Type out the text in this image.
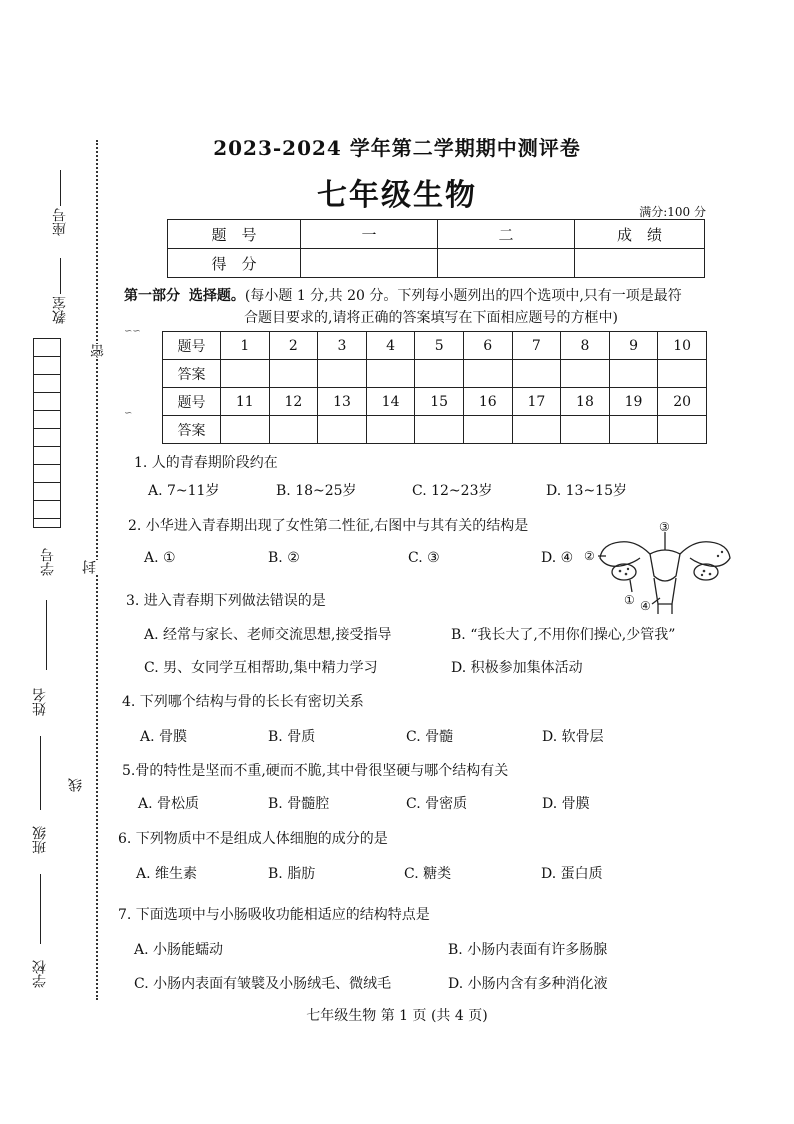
座号
教室
学号
姓名
班级
学校
密
封
线
2023-2024 学年第二学期期中测评卷
七年级生物	满分:100 分
题　号	一	二	成　绩
得　分			
第一部分 选择题。(每小题 1 分,共 20 分。下列每小题列出的四个选项中,只有一项是最符
合题目要求的,请将正确的答案填写在下面相应题号的方框中)
∽∽
∽
题号	1	2	3	4	5	6	7	8	9	10
答案										
题号	11	12	13	14	15	16	17	18	19	20
答案										
1. 人的青春期阶段约在
A. 7~11岁	B. 18~25岁	C. 12~23岁	D. 13~15岁
2. 小华进入青春期出现了女性第二性征,右图中与其有关的结构是
A. ①	B. ②	C. ③	D. ④
③
②
① ④
3. 进入青春期下列做法错误的是
A. 经常与家长、老师交流思想,接受指导	B. “我长大了,不用你们操心,少管我”
C. 男、女同学互相帮助,集中精力学习	D. 积极参加集体活动
4. 下列哪个结构与骨的长长有密切关系
A. 骨膜	B. 骨质	C. 骨髓	D. 软骨层
5.骨的特性是坚而不重,硬而不脆,其中骨很坚硬与哪个结构有关
A. 骨松质	B. 骨髓腔	C. 骨密质	D. 骨膜
6. 下列物质中不是组成人体细胞的成分的是
A. 维生素	B. 脂肪	C. 糖类	D. 蛋白质
7. 下面选项中与小肠吸收功能相适应的结构特点是
A. 小肠能蠕动	B. 小肠内表面有许多肠腺
C. 小肠内表面有皱襞及小肠绒毛、微绒毛	D. 小肠内含有多种消化液
七年级生物 第 1 页 (共 4 页)
